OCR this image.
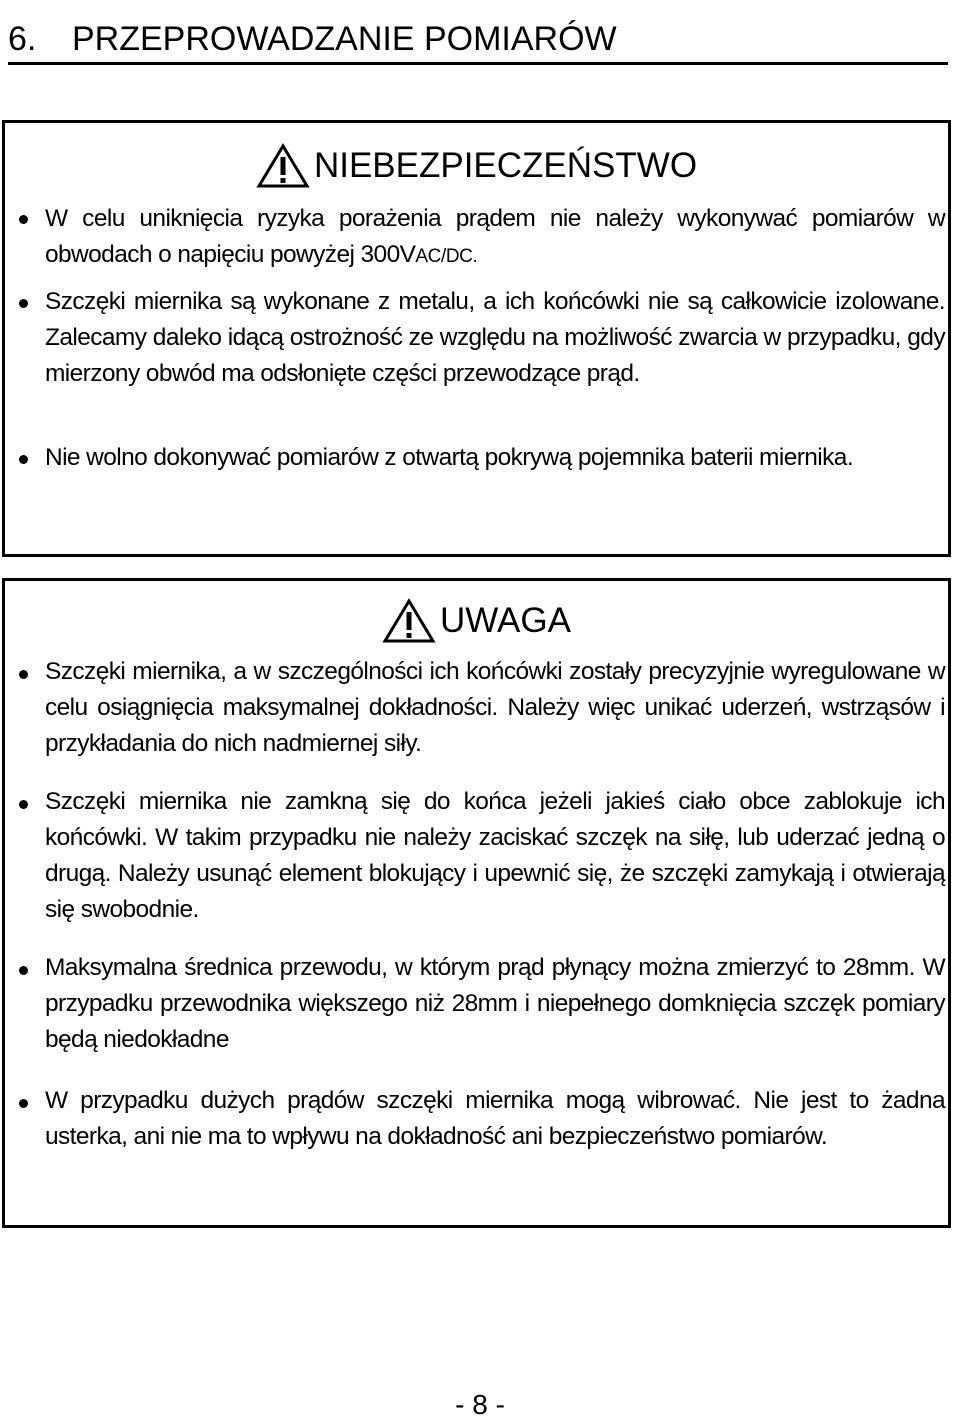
6. PRZEPROWADZANIE POMIARÓW
NIEBEZPIECZEŃSTWO
W celu uniknięcia ryzyka porażenia prądem nie należy wykonywać pomiarów w obwodach o napięciu powyżej 300VAC/DC.
Szczęki miernika są wykonane z metalu, a ich końcówki nie są całkowicie izolowane. Zalecamy daleko idącą ostrożność ze względu na możliwość zwarcia w przypadku, gdy mierzony obwód ma odsłonięte części przewodzące prąd.
Nie wolno dokonywać pomiarów z otwartą pokrywą pojemnika baterii miernika.
UWAGA
Szczęki miernika, a w szczególności ich końcówki zostały precyzyjnie wyregulowane w celu osiągnięcia maksymalnej dokładności. Należy więc unikać uderzeń, wstrząsów i przykładania do nich nadmiernej siły.
Szczęki miernika nie zamkną się do końca jeżeli jakieś ciało obce zablokuje ich końcówki. W takim przypadku nie należy zaciskać szczęk na siłę, lub uderzać jedną o drugą. Należy usunąć element blokujący i upewnić się, że szczęki zamykają i otwierają się swobodnie.
Maksymalna średnica przewodu, w którym prąd płynący można zmierzyć to 28mm. W przypadku przewodnika większego niż 28mm i niepełnego domknięcia szczęk pomiary będą niedokładne
W przypadku dużych prądów szczęki miernika mogą wibrować. Nie jest to żadna usterka, ani nie ma to wpływu na dokładność ani bezpieczeństwo pomiarów.
- 8 -
